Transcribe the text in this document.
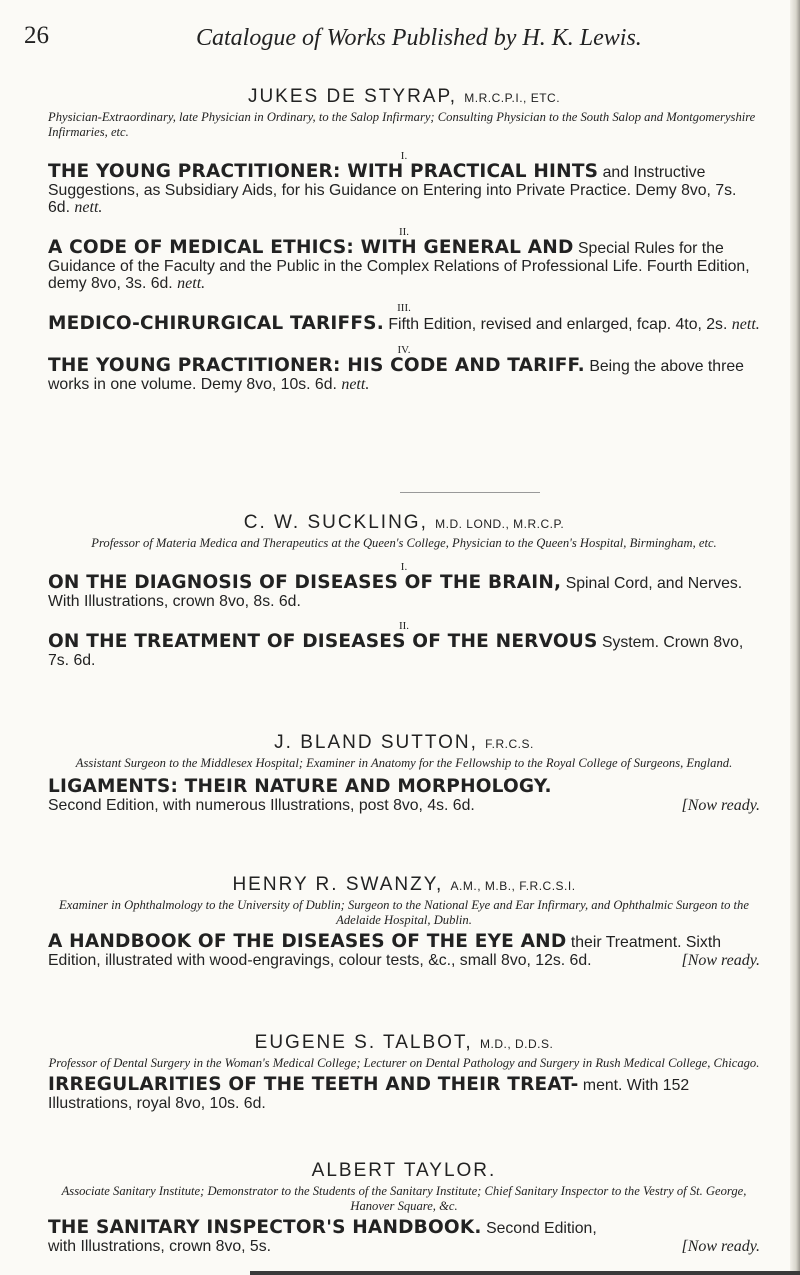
26	Catalogue of Works Published by H. K. Lewis.

JUKES DE STYRAP, M.R.C.P.I., ETC.

Physician-Extraordinary, late Physician in Ordinary, to the Salop Infirmary; Consulting Physician to the South Salop and Montgomeryshire Infirmaries, etc.

I.

THE YOUNG PRACTITIONER: WITH PRACTICAL HINTS and Instructive Suggestions, as Subsidiary Aids, for his Guidance on Entering into Private Practice. Demy 8vo, 7s. 6d. nett.

II.

A CODE OF MEDICAL ETHICS: WITH GENERAL AND Special Rules for the Guidance of the Faculty and the Public in the Complex Relations of Professional Life. Fourth Edition, demy 8vo, 3s. 6d. nett.

III.

MEDICO-CHIRURGICAL TARIFFS. Fifth Edition, revised and enlarged, fcap. 4to, 2s. nett.

IV.

THE YOUNG PRACTITIONER: HIS CODE AND TARIFF. Being the above three works in one volume. Demy 8vo, 10s. 6d. nett.

C. W. SUCKLING, M.D. LOND., M.R.C.P.

Professor of Materia Medica and Therapeutics at the Queen's College, Physician to the Queen's Hospital, Birmingham, etc.

I.

ON THE DIAGNOSIS OF DISEASES OF THE BRAIN, Spinal Cord, and Nerves. With Illustrations, crown 8vo, 8s. 6d.

II.

ON THE TREATMENT OF DISEASES OF THE NERVOUS System. Crown 8vo, 7s. 6d.

J. BLAND SUTTON, F.R.C.S.

Assistant Surgeon to the Middlesex Hospital; Examiner in Anatomy for the Fellowship to the Royal College of Surgeons, England.

LIGAMENTS: THEIR NATURE AND MORPHOLOGY.
Second Edition, with numerous Illustrations, post 8vo, 4s. 6d.	[Now ready.

HENRY R. SWANZY, A.M., M.B., F.R.C.S.I.

Examiner in Ophthalmology to the University of Dublin; Surgeon to the National Eye and Ear Infirmary, and Ophthalmic Surgeon to the Adelaide Hospital, Dublin.

A HANDBOOK OF THE DISEASES OF THE EYE AND their Treatment. Sixth Edition, illustrated with wood-engravings, colour tests, &c., small 8vo, 12s. 6d.	[Now ready.

EUGENE S. TALBOT, M.D., D.D.S.

Professor of Dental Surgery in the Woman's Medical College; Lecturer on Dental Pathology and Surgery in Rush Medical College, Chicago.

IRREGULARITIES OF THE TEETH AND THEIR TREAT- ment. With 152 Illustrations, royal 8vo, 10s. 6d.

ALBERT TAYLOR.

Associate Sanitary Institute; Demonstrator to the Students of the Sanitary Institute; Chief Sanitary Inspector to the Vestry of St. George, Hanover Square, &c.

THE SANITARY INSPECTOR'S HANDBOOK. Second Edition,
with Illustrations, crown 8vo, 5s.	[Now ready.
